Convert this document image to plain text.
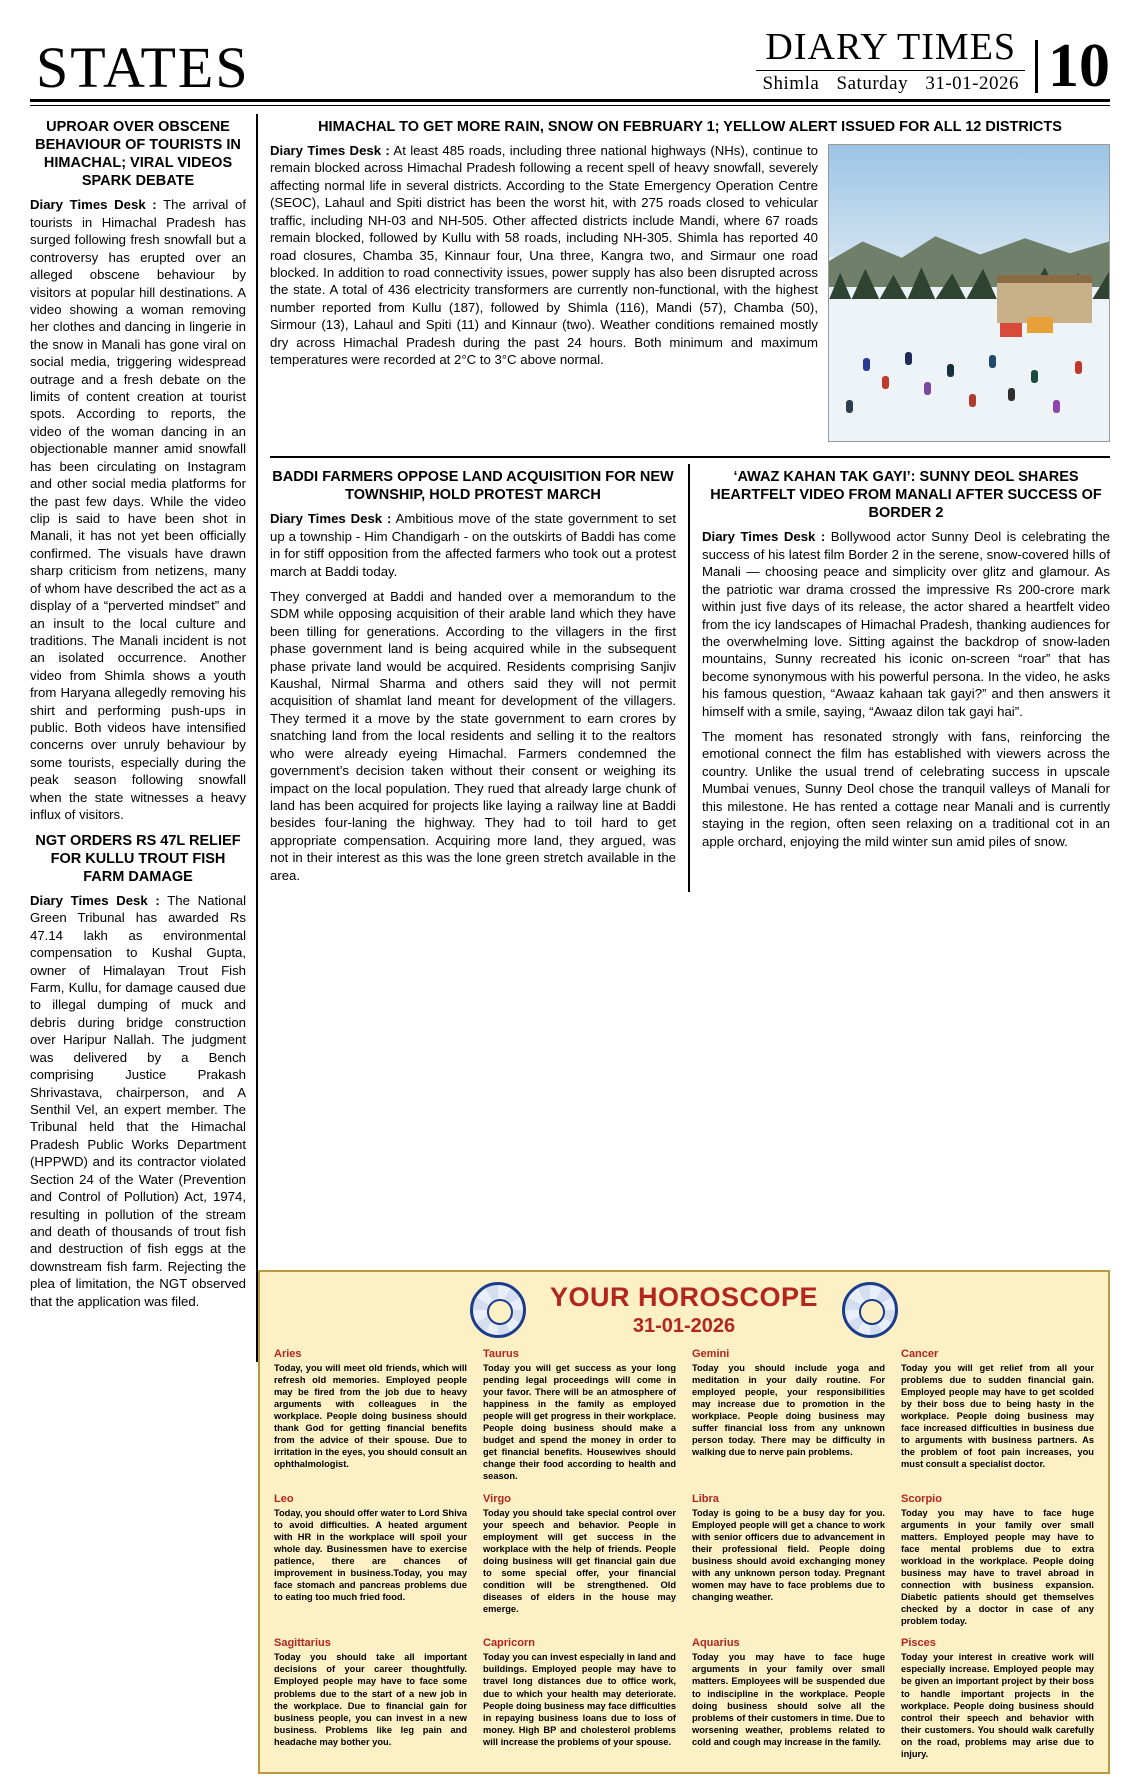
STATES	DIARY TIMES
Shimla Saturday 31-01-2026 10
UPROAR OVER OBSCENE BEHAVIOUR OF TOURISTS IN HIMACHAL; VIRAL VIDEOS SPARK DEBATE

Diary Times Desk : The arrival of tourists in Himachal Pradesh has surged following fresh snowfall but a controversy has erupted over an alleged obscene behaviour by visitors at popular hill destinations. A video showing a woman removing her clothes and dancing in lingerie in the snow in Manali has gone viral on social media, triggering widespread outrage and a fresh debate on the limits of content creation at tourist spots. According to reports, the video of the woman dancing in an objectionable manner amid snowfall has been circulating on Instagram and other social media platforms for the past few days. While the video clip is said to have been shot in Manali, it has not yet been officially confirmed. The visuals have drawn sharp criticism from netizens, many of whom have described the act as a display of a “perverted mindset” and an insult to the local culture and traditions. The Manali incident is not an isolated occurrence. Another video from Shimla shows a youth from Haryana allegedly removing his shirt and performing push-ups in public. Both videos have intensified concerns over unruly behaviour by some tourists, especially during the peak season following snowfall when the state witnesses a heavy influx of visitors.

NGT ORDERS RS 47L RELIEF FOR KULLU TROUT FISH FARM DAMAGE

Diary Times Desk : The National Green Tribunal has awarded Rs 47.14 lakh as environmental compensation to Kushal Gupta, owner of Himalayan Trout Fish Farm, Kullu, for damage caused due to illegal dumping of muck and debris during bridge construction over Haripur Nallah. The judgment was delivered by a Bench comprising Justice Prakash Shrivastava, chairperson, and A Senthil Vel, an expert member. The Tribunal held that the Himachal Pradesh Public Works Department (HPPWD) and its contractor violated Section 24 of the Water (Prevention and Control of Pollution) Act, 1974, resulting in pollution of the stream and death of thousands of trout fish and destruction of fish eggs at the downstream fish farm. Rejecting the plea of limitation, the NGT observed that the application was filed.

HIMACHAL TO GET MORE RAIN, SNOW ON FEBRUARY 1; YELLOW ALERT ISSUED FOR ALL 12 DISTRICTS

Diary Times Desk : At least 485 roads, including three national highways (NHs), continue to remain blocked across Himachal Pradesh following a recent spell of heavy snowfall, severely affecting normal life in several districts. According to the State Emergency Operation Centre (SEOC), Lahaul and Spiti district has been the worst hit, with 275 roads closed to vehicular traffic, including NH-03 and NH-505. Other affected districts include Mandi, where 67 roads remain blocked, followed by Kullu with 58 roads, including NH-305. Shimla has reported 40 road closures, Chamba 35, Kinnaur four, Una three, Kangra two, and Sirmaur one road blocked. In addition to road connectivity issues, power supply has also been disrupted across the state. A total of 436 electricity transformers are currently non-functional, with the highest number reported from Kullu (187), followed by Shimla (116), Mandi (57), Chamba (50), Sirmour (13), Lahaul and Spiti (11) and Kinnaur (two). Weather conditions remained mostly dry across Himachal Pradesh during the past 24 hours. Both minimum and maximum temperatures were recorded at 2°C to 3°C above normal.

BADDI FARMERS OPPOSE LAND ACQUISITION FOR NEW TOWNSHIP, HOLD PROTEST MARCH

Diary Times Desk : Ambitious move of the state government to set up a township - Him Chandigarh - on the outskirts of Baddi has come in for stiff opposition from the affected farmers who took out a protest march at Baddi today.

They converged at Baddi and handed over a memorandum to the SDM while opposing acquisition of their arable land which they have been tilling for generations. According to the villagers in the first phase government land is being acquired while in the subsequent phase private land would be acquired. Residents comprising Sanjiv Kaushal, Nirmal Sharma and others said they will not permit acquisition of shamlat land meant for development of the villagers. They termed it a move by the state government to earn crores by snatching land from the local residents and selling it to the realtors who were already eyeing Himachal. Farmers condemned the government’s decision taken without their consent or weighing its impact on the local population. They rued that already large chunk of land has been acquired for projects like laying a railway line at Baddi besides four-laning the highway. They had to toil hard to get appropriate compensation. Acquiring more land, they argued, was not in their interest as this was the lone green stretch available in the area.

‘AWAZ KAHAN TAK GAYI’: SUNNY DEOL SHARES HEARTFELT VIDEO FROM MANALI AFTER SUCCESS OF BORDER 2

Diary Times Desk : Bollywood actor Sunny Deol is celebrating the success of his latest film Border 2 in the serene, snow-covered hills of Manali — choosing peace and simplicity over glitz and glamour. As the patriotic war drama crossed the impressive Rs 200-crore mark within just five days of its release, the actor shared a heartfelt video from the icy landscapes of Himachal Pradesh, thanking audiences for the overwhelming love. Sitting against the backdrop of snow-laden mountains, Sunny recreated his iconic on-screen “roar” that has become synonymous with his powerful persona. In the video, he asks his famous question, “Awaaz kahaan tak gayi?” and then answers it himself with a smile, saying, “Awaaz dilon tak gayi hai”.

The moment has resonated strongly with fans, reinforcing the emotional connect the film has established with viewers across the country. Unlike the usual trend of celebrating success in upscale Mumbai venues, Sunny Deol chose the tranquil valleys of Manali for this milestone. He has rented a cottage near Manali and is currently staying in the region, often seen relaxing on a traditional cot in an apple orchard, enjoying the mild winter sun amid piles of snow.

YOUR HOROSCOPE
31-01-2026
Aries
Today, you will meet old friends, which will refresh old memories. Employed people may be fired from the job due to heavy arguments with colleagues in the workplace. People doing business should thank God for getting financial benefits from the advice of their spouse. Due to irritation in the eyes, you should consult an ophthalmologist.
Taurus
Today you will get success as your long pending legal proceedings will come in your favor. There will be an atmosphere of happiness in the family as employed people will get progress in their workplace. People doing business should make a budget and spend the money in order to get financial benefits. Housewives should change their food according to health and season.
Gemini
Today you should include yoga and meditation in your daily routine. For employed people, your responsibilities may increase due to promotion in the workplace. People doing business may suffer financial loss from any unknown person today. There may be difficulty in walking due to nerve pain problems.
Cancer
Today you will get relief from all your problems due to sudden financial gain. Employed people may have to get scolded by their boss due to being hasty in the workplace. People doing business may face increased difficulties in business due to arguments with business partners. As the problem of foot pain increases, you must consult a specialist doctor.
Leo
Today, you should offer water to Lord Shiva to avoid difficulties. A heated argument with HR in the workplace will spoil your whole day. Businessmen have to exercise patience, there are chances of improvement in business.Today, you may face stomach and pancreas problems due to eating too much fried food.
Virgo
Today you should take special control over your speech and behavior. People in employment will get success in the workplace with the help of friends. People doing business will get financial gain due to some special offer, your financial condition will be strengthened. Old diseases of elders in the house may emerge.
Libra
Today is going to be a busy day for you. Employed people will get a chance to work with senior officers due to advancement in their professional field. People doing business should avoid exchanging money with any unknown person today. Pregnant women may have to face problems due to changing weather.
Scorpio
Today you may have to face huge arguments in your family over small matters. Employed people may have to face mental problems due to extra workload in the workplace. People doing business may have to travel abroad in connection with business expansion. Diabetic patients should get themselves checked by a doctor in case of any problem today.
Sagittarius
Today you should take all important decisions of your career thoughtfully. Employed people may have to face some problems due to the start of a new job in the workplace. Due to financial gain for business people, you can invest in a new business. Problems like leg pain and headache may bother you.
Capricorn
Today you can invest especially in land and buildings. Employed people may have to travel long distances due to office work, due to which your health may deteriorate. People doing business may face difficulties in repaying business loans due to loss of money. High BP and cholesterol problems will increase the problems of your spouse.
Aquarius
Today you may have to face huge arguments in your family over small matters. Employees will be suspended due to indiscipline in the workplace. People doing business should solve all the problems of their customers in time. Due to worsening weather, problems related to cold and cough may increase in the family.
Pisces
Today your interest in creative work will especially increase. Employed people may be given an important project by their boss to handle important projects in the workplace. People doing business should control their speech and behavior with their customers. You should walk carefully on the road, problems may arise due to injury.
